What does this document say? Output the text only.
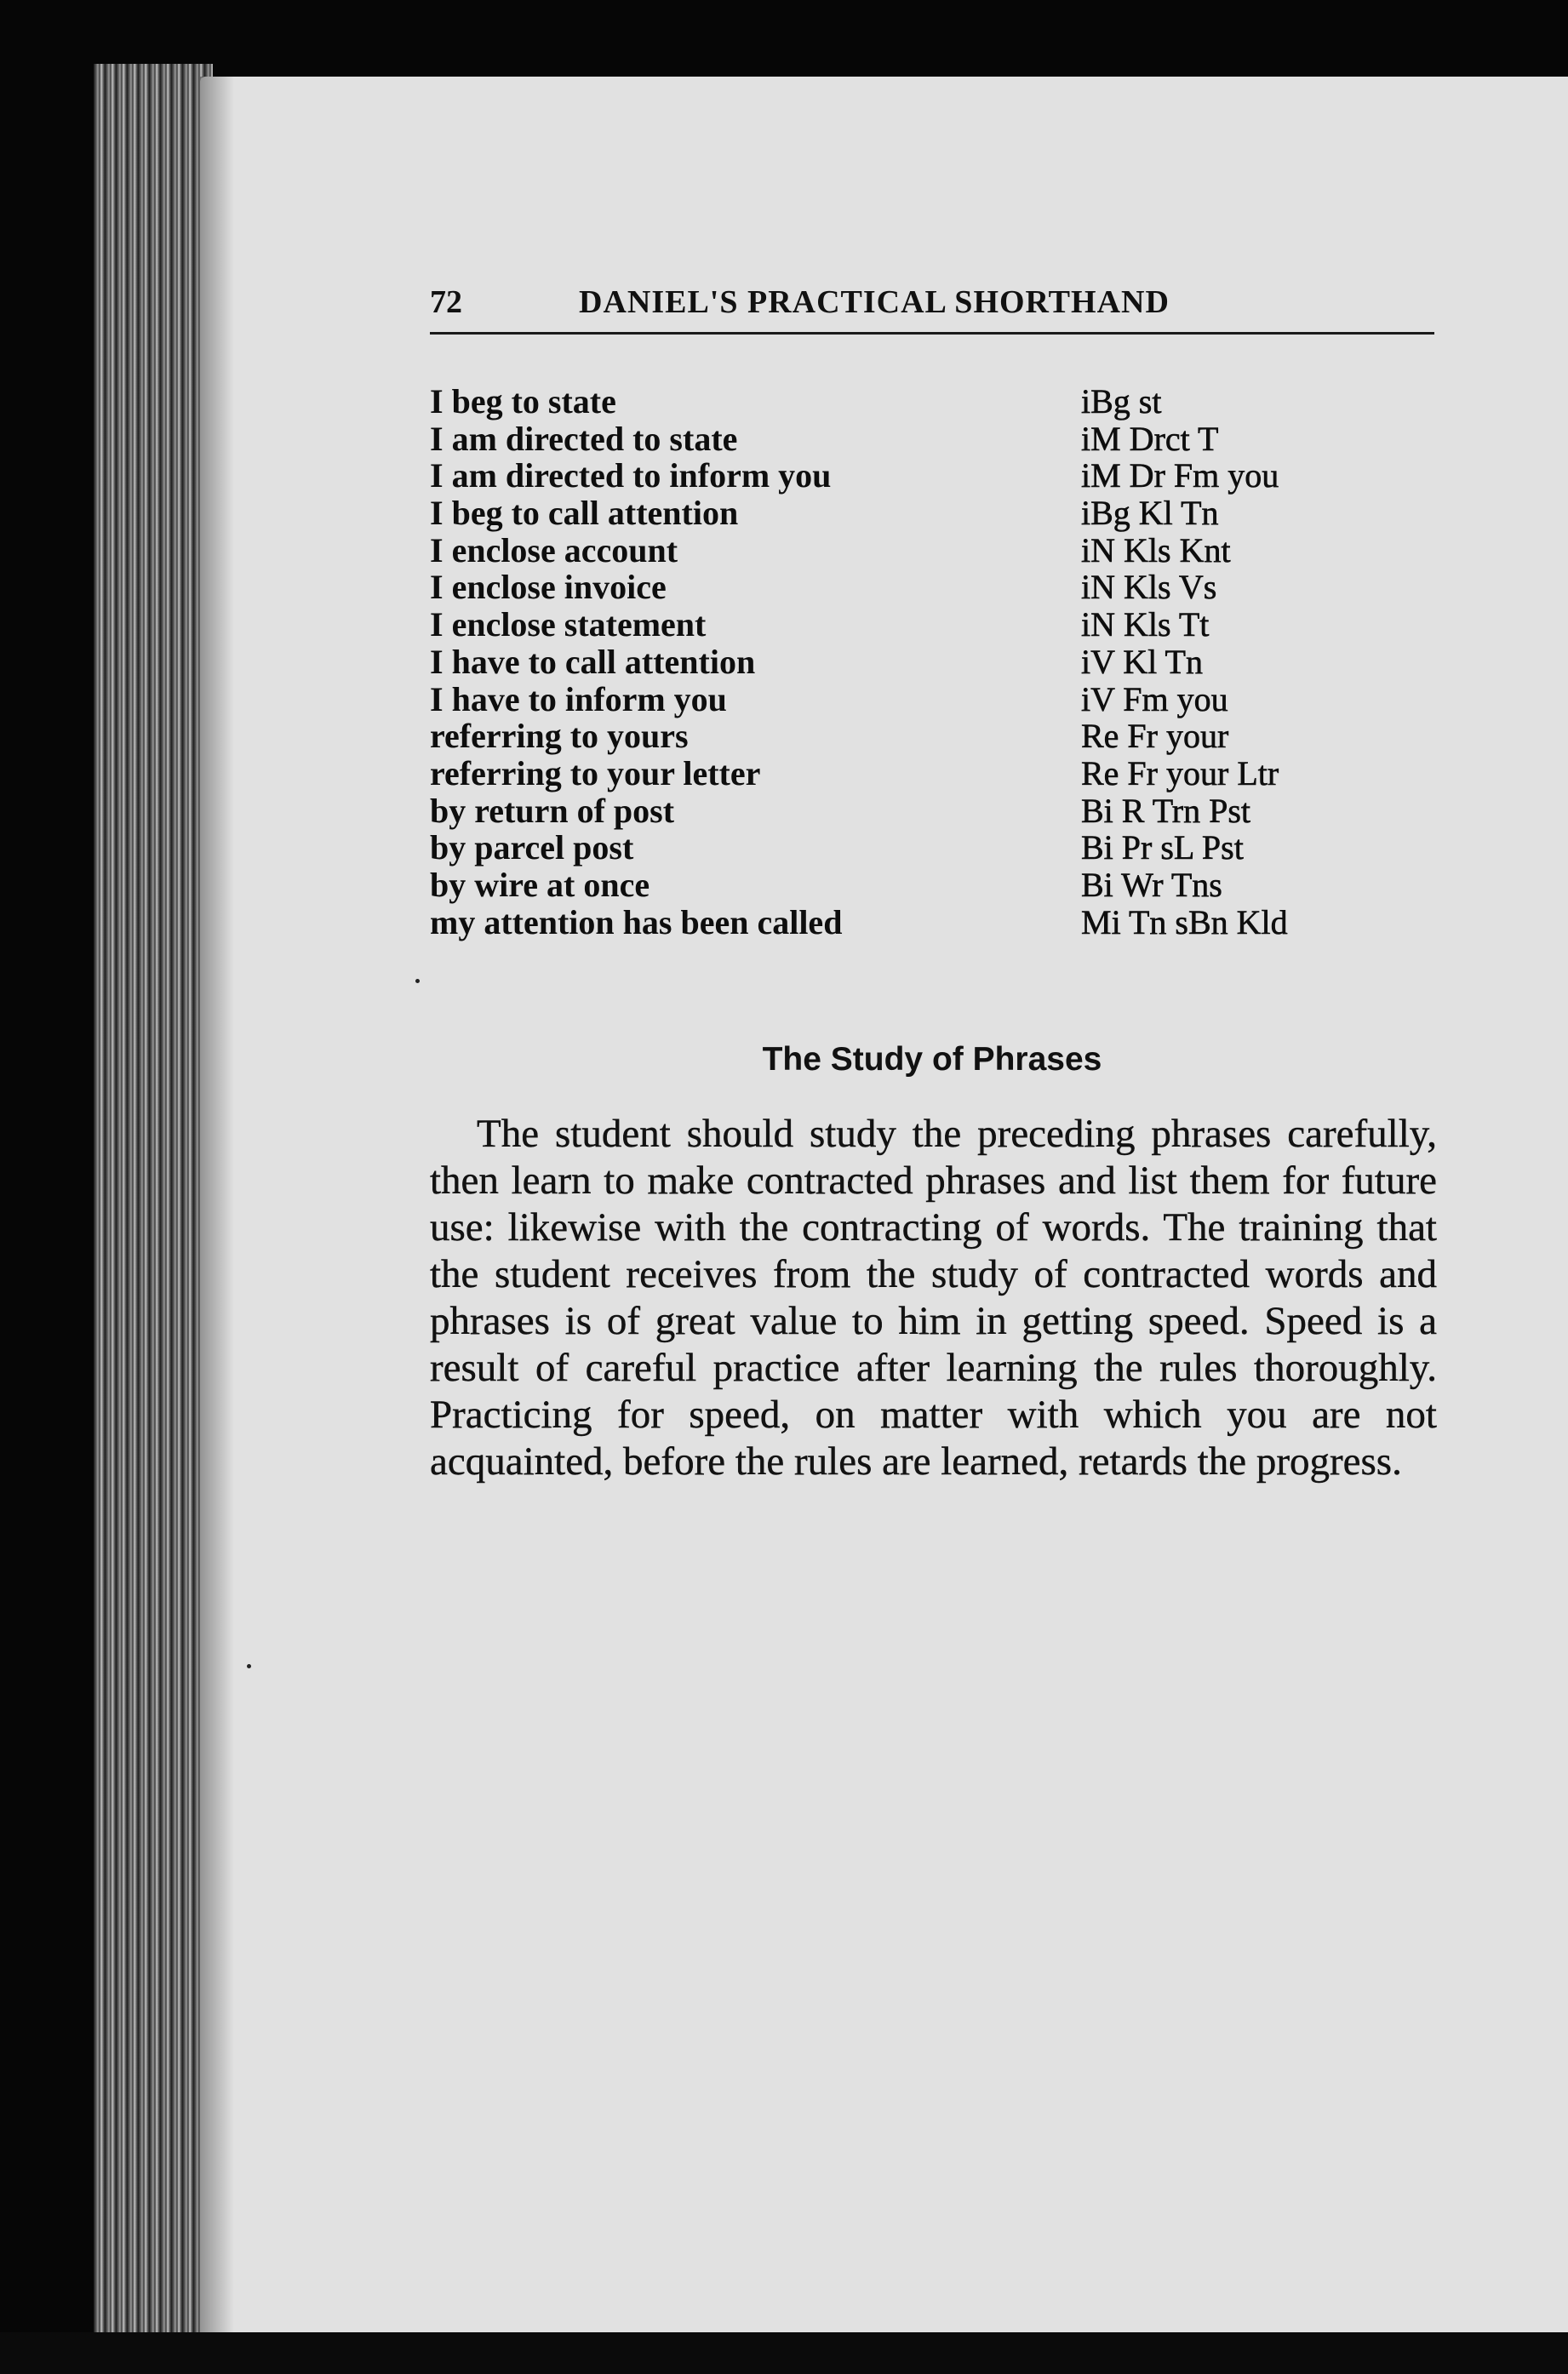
72	DANIEL'S PRACTICAL SHORTHAND
I beg to state	iBg st
I am directed to state	iM Drct T
I am directed to inform you	iM Dr Fm you
I beg to call attention	iBg Kl Tn
I enclose account	iN Kls Knt
I enclose invoice	iN Kls Vs
I enclose statement	iN Kls Tt
I have to call attention	iV Kl Tn
I have to inform you	iV Fm you
referring to yours	Re Fr your
referring to your letter	Re Fr your Ltr
by return of post	Bi R Trn Pst
by parcel post	Bi Pr sL Pst
by wire at once	Bi Wr Tns
my attention has been called	Mi Tn sBn Kld
The Study of Phrases

The student should study the preceding phrases carefully, then learn to make contracted phrases and list them for future use: likewise with the contracting of words. The training that the student receives from the study of contracted words and phrases is of great value to him in getting speed. Speed is a result of careful practice after learning the rules thoroughly. Practicing for speed, on matter with which you are not acquainted, before the rules are learned, retards the progress.
